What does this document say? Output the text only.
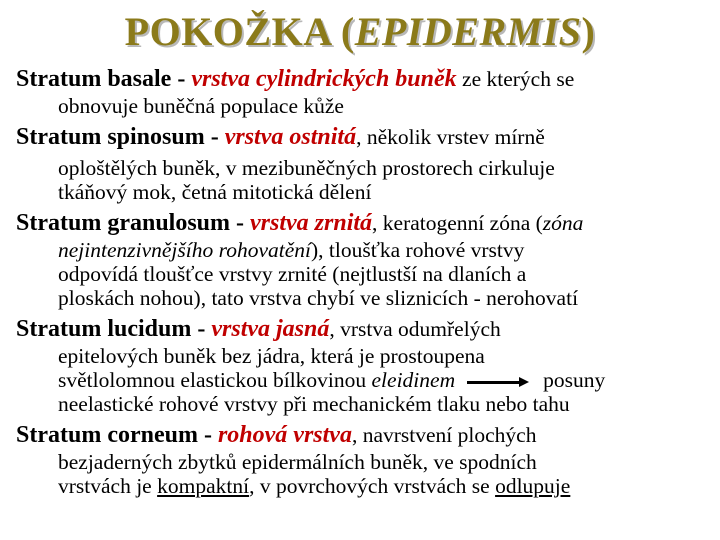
POKOŽKA (EPIDERMIS)
Stratum basale - vrstva cylindrických buněk ze kterých se
obnovuje buněčná populace kůže
Stratum spinosum - vrstva ostnitá, několik vrstev mírně
oploštělých buněk, v mezibuněčných prostorech cirkuluje
tkáňový mok, četná mitotická dělení
Stratum granulosum - vrstva zrnitá, keratogenní zóna (zóna
nejintenzivnějšího rohovatění), tloušťka rohové vrstvy
odpovídá tloušťce vrstvy zrnité (nejtlustší na dlaních a
ploskách nohou), tato vrstva chybí ve sliznicích - nerohovatí
Stratum lucidum - vrstva jasná, vrstva odumřelých
epitelových buněk bez jádra, která je prostoupena
světlolomnou elastickou bílkovinou eleidinem	posuny
neelastické rohové vrstvy při mechanickém tlaku nebo tahu
Stratum corneum - rohová vrstva, navrstvení plochých
bezjaderných zbytků epidermálních buněk, ve spodních
vrstvách je kompaktní, v povrchových vrstvách se odlupuje
